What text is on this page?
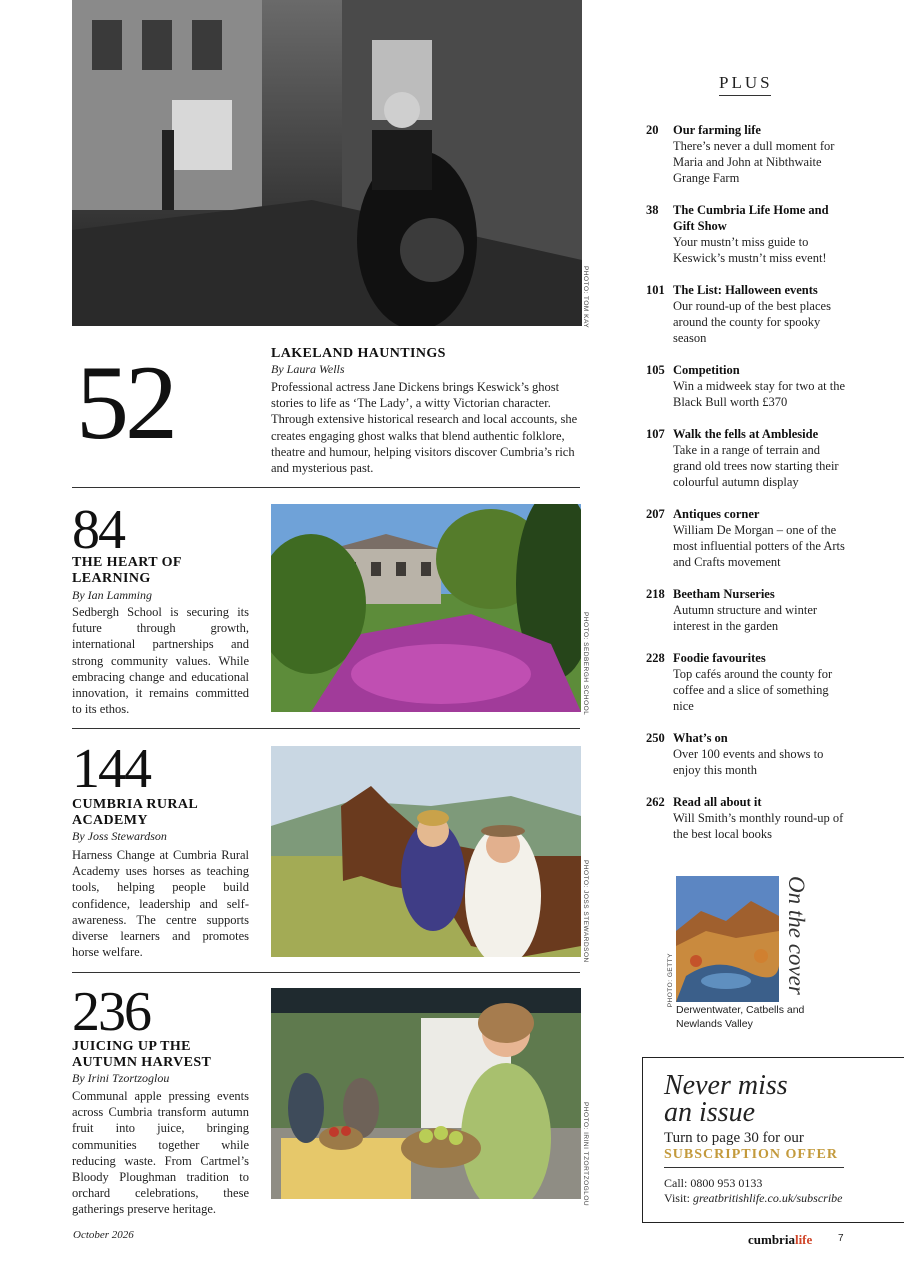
PHOTO: TOM KAY
52	LAKELAND HAUNTINGS
By Laura Wells
Professional actress Jane Dickens brings Keswick’s ghost stories to life as ‘The Lady’, a witty Victorian character. Through extensive historical research and local accounts, she creates engaging ghost walks that blend authentic folklore, theatre and humour, helping visitors discover Cumbria’s rich and mysterious past.
84
THE HEART OF LEARNING
By Ian Lamming
Sedbergh School is securing its future through growth, international partnerships and strong community values. While embracing change and educational innovation, it remains committed to its ethos.	PHOTO: SEDBERGH SCHOOL
144
CUMBRIA RURAL ACADEMY
By Joss Stewardson
Harness Change at Cumbria Rural Academy uses horses as teaching tools, helping people build confidence, leadership and self-awareness. The centre supports diverse learners and promotes horse welfare.	PHOTO: JOSS STEWARDSON
236
JUICING UP THE AUTUMN HARVEST
By Irini Tzortzoglou
Communal apple pressing events across Cumbria transform autumn fruit into juice, bringing communities together while reducing waste. From Cartmel’s Bloody Ploughman tradition to orchard celebrations, these gatherings preserve heritage.
PHOTO: IRINI TZORTZOGLOU
PLUS
20	Our farming life
There’s never a dull moment for Maria and John at Nibthwaite Grange Farm
38	The Cumbria Life Home and Gift Show
Your mustn’t miss guide to Keswick’s mustn’t miss event!
101 The List: Halloween events
Our round-up of the best places around the county for spooky season
105 Competition
Win a midweek stay for two at the Black Bull worth £370
107 Walk the fells at Ambleside
Take in a range of terrain and grand old trees now starting their colourful autumn display
207 Antiques corner
William De Morgan – one of the most influential potters of the Arts and Crafts movement
218 Beetham Nurseries
Autumn structure and winter interest in the garden
228 Foodie favourites
Top cafés around the county for coffee and a slice of something nice
250 What’s on
Over 100 events and shows to enjoy this month
262 Read all about it
Will Smith’s monthly round-up of the best local books
PHOTO: GETTY	On the cover
Derwentwater, Catbells and Newlands Valley
Never miss
an issue
Turn to page 30 for our
SUBSCRIPTION OFFER
Call: 0800 953 0133
Visit: greatbritishlife.co.uk/subscribe
October 2026	cumbrialife	7
